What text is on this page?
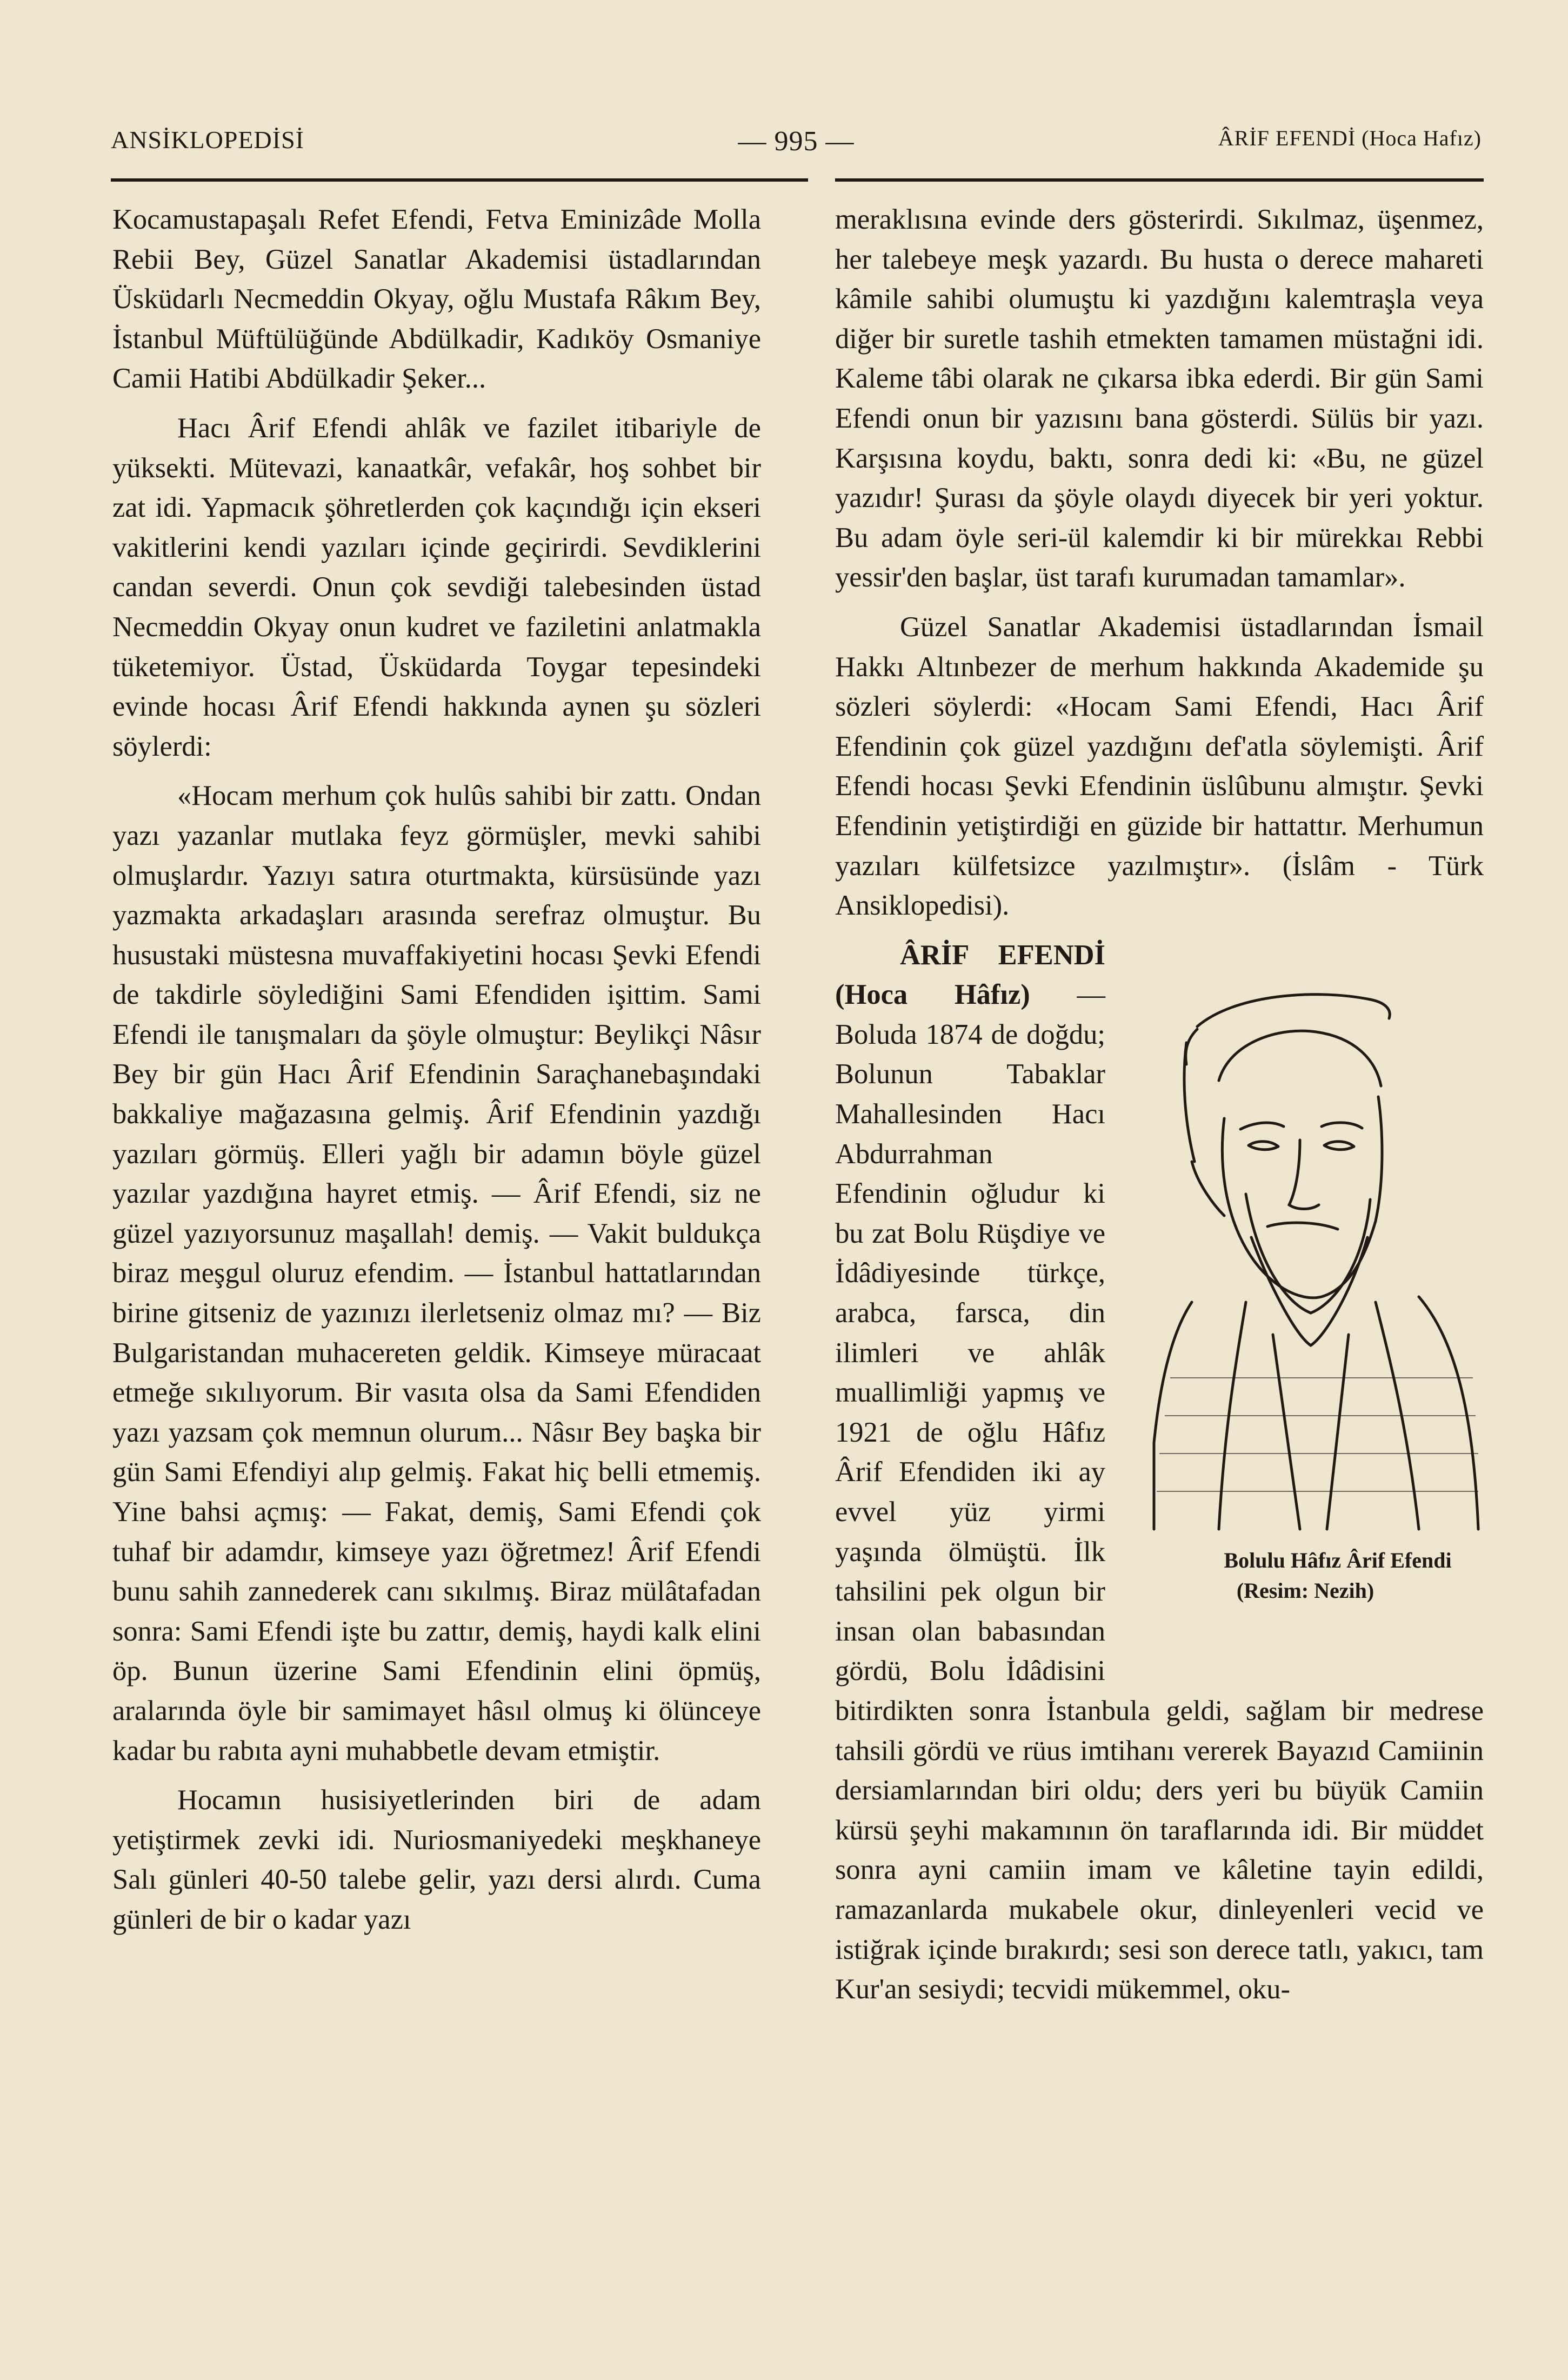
ANSİKLOPEDİSİ	— 995 —	ÂRİF EFENDİ (Hoca Hafız)

Kocamustapaşalı Refet Efendi, Fetva Eminizâde Molla Rebii Bey, Güzel Sanatlar Akademisi üstadlarından Üsküdarlı Necmeddin Okyay, oğlu Mustafa Râkım Bey, İstanbul Müftülüğünde Abdülkadir, Kadıköy Osmaniye Camii Hatibi Abdülkadir Şeker...

Hacı Ârif Efendi ahlâk ve fazilet itibariyle de yüksekti. Mütevazi, kanaatkâr, vefakâr, hoş sohbet bir zat idi. Yapmacık şöhretlerden çok kaçındığı için ekseri vakitlerini kendi yazıları içinde geçirirdi. Sevdiklerini candan severdi. Onun çok sevdiği talebesinden üstad Necmeddin Okyay onun kudret ve faziletini anlatmakla tüketemiyor. Üstad, Üsküdarda Toygar tepesindeki evinde hocası Ârif Efendi hakkında aynen şu sözleri söylerdi:

«Hocam merhum çok hulûs sahibi bir zattı. Ondan yazı yazanlar mutlaka feyz görmüşler, mevki sahibi olmuşlardır. Yazıyı satıra oturtmakta, kürsüsünde yazı yazmakta arkadaşları arasında serefraz olmuştur. Bu husustaki müstesna muvaffakiyetini hocası Şevki Efendi de takdirle söylediğini Sami Efendiden işittim. Sami Efendi ile tanışmaları da şöyle olmuştur: Beylikçi Nâsır Bey bir gün Hacı Ârif Efendinin Saraçhanebaşındaki bakkaliye mağazasına gelmiş. Ârif Efendinin yazdığı yazıları görmüş. Elleri yağlı bir adamın böyle güzel yazılar yazdığına hayret etmiş. — Ârif Efendi, siz ne güzel yazıyorsunuz maşallah! demiş. — Vakit buldukça biraz meşgul oluruz efendim. — İstanbul hattatlarından birine gitseniz de yazınızı ilerletseniz olmaz mı? — Biz Bulgaristandan muhacereten geldik. Kimseye müracaat etmeğe sıkılıyorum. Bir vasıta olsa da Sami Efendiden yazı yazsam çok memnun olurum... Nâsır Bey başka bir gün Sami Efendiyi alıp gelmiş. Fakat hiç belli etmemiş. Yine bahsi açmış: — Fakat, demiş, Sami Efendi çok tuhaf bir adamdır, kimseye yazı öğretmez! Ârif Efendi bunu sahih zannederek canı sıkılmış. Biraz mülâtafadan sonra: Sami Efendi işte bu zattır, demiş, haydi kalk elini öp. Bunun üzerine Sami Efendinin elini öpmüş, aralarında öyle bir samimayet hâsıl olmuş ki ölünceye kadar bu rabıta ayni muhabbetle devam etmiştir.

Hocamın husisiyetlerinden biri de adam yetiştirmek zevki idi. Nuriosmaniyedeki meşkhaneye Salı günleri 40-50 talebe gelir, yazı dersi alırdı. Cuma günleri de bir o kadar yazı

meraklısına evinde ders gösterirdi. Sıkılmaz, üşenmez, her talebeye meşk yazardı. Bu husta o derece mahareti kâmile sahibi olumuştu ki yazdığını kalemtraşla veya diğer bir suretle tashih etmekten tamamen müstağni idi. Kaleme tâbi olarak ne çıkarsa ibka ederdi. Bir gün Sami Efendi onun bir yazısını bana gösterdi. Sülüs bir yazı. Karşısına koydu, baktı, sonra dedi ki: «Bu, ne güzel yazıdır! Şurası da şöyle olaydı diyecek bir yeri yoktur. Bu adam öyle seri-ül kalemdir ki bir mürekkaı Rebbi yessir'den başlar, üst tarafı kurumadan tamamlar».

Güzel Sanatlar Akademisi üstadlarından İsmail Hakkı Altınbezer de merhum hakkında Akademide şu sözleri söylerdi: «Hocam Sami Efendi, Hacı Ârif Efendinin çok güzel yazdığını def'atla söylemişti. Ârif Efendi hocası Şevki Efendinin üslûbunu almıştır. Şevki Efendinin yetiştirdiği en güzide bir hattattır. Merhumun yazıları külfetsizce yazılmıştır». (İslâm - Türk Ansiklopedisi).

Bolulu Hâfız Ârif Efendi (Resim: Nezih)
ÂRİF EFENDİ (Hoca Hâfız) — Boluda 1874 de doğdu; Bolunun Tabaklar Mahallesinden Hacı Abdurrahman Efendinin oğludur ki bu zat Bolu Rüşdiye ve İdâdiyesinde türkçe, arabca, farsca, din ilimleri ve ahlâk muallimliği yapmış ve 1921 de oğlu Hâfız Ârif Efendiden iki ay evvel yüz yirmi yaşında ölmüştü. İlk tahsilini pek olgun bir insan olan babasından gördü, Bolu İdâdisini bitirdikten sonra İstanbula geldi, sağlam bir medrese tahsili gördü ve rüus imtihanı vererek Bayazıd Camiinin dersiamlarından biri oldu; ders yeri bu büyük Camiin kürsü şeyhi makamının ön taraflarında idi. Bir müddet sonra ayni camiin imam ve kâletine tayin edildi, ramazanlarda mukabele okur, dinleyenleri vecid ve istiğrak içinde bırakırdı; sesi son derece tatlı, yakıcı, tam Kur'an sesiydi; tecvidi mükemmel, oku-
